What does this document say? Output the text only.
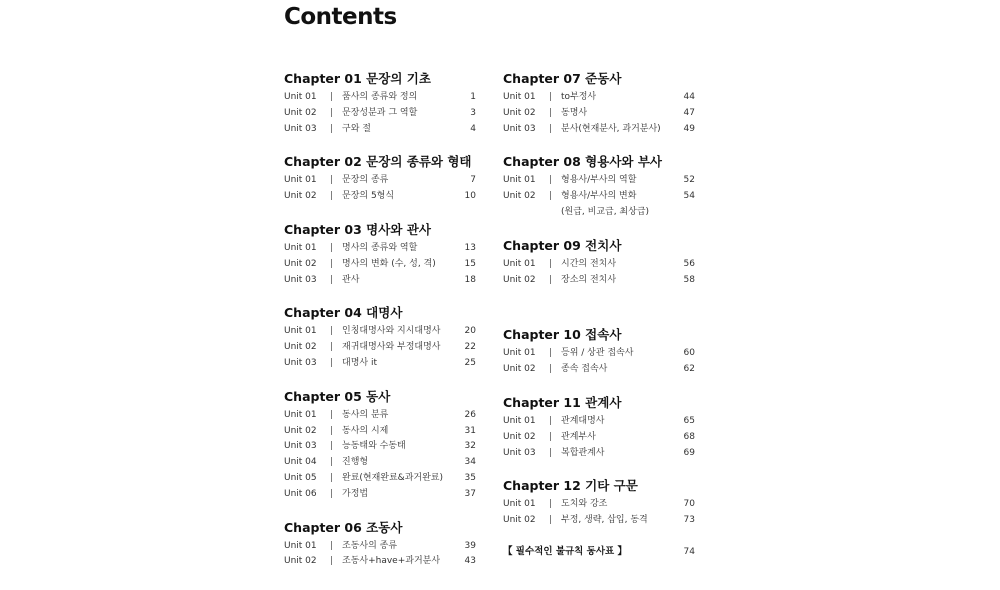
Contents
Chapter 01 문장의 기초
Unit 01 | 품사의 종류와 정의	1
Unit 02 | 문장성분과 그 역할	3
Unit 03 | 구와 절	4
Chapter 02 문장의 종류와 형태
Unit 01 | 문장의 종류	7
Unit 02 | 문장의 5형식	10
Chapter 03 명사와 관사
Unit 01 | 명사의 종류와 역할	13
Unit 02 | 명사의 변화 (수, 성, 격)	15
Unit 03 | 관사	18
Chapter 04 대명사
Unit 01 | 인칭대명사와 지시대명사	20
Unit 02 | 재귀대명사와 부정대명사	22
Unit 03 | 대명사 it	25
Chapter 05 동사
Unit 01 | 동사의 분류	26
Unit 02 | 동사의 시제	31
Unit 03 | 능동태와 수동태	32
Unit 04 | 진행형	34
Unit 05 | 완료(현재완료&과거완료) 35
Unit 06 | 가정법	37
Chapter 06 조동사
Unit 01 | 조동사의 종류	39
Unit 02 | 조동사+have+과거분사	43
Chapter 07 준동사
Unit 01 | to부정사	44
Unit 02 | 동명사	47
Unit 03 | 분사(현재분사, 과거분사)	49
Chapter 08 형용사와 부사
Unit 01 | 형용사/부사의 역할	52
Unit 02 | 형용사/부사의 변화	54
(원급, 비교급, 최상급)
Chapter 09 전치사
Unit 01 | 시간의 전치사	56
Unit 02 | 장소의 전치사	58
Chapter 10 접속사
Unit 01 | 등위 / 상관 접속사	60
Unit 02 | 종속 접속사	62
Chapter 11 관계사
Unit 01 | 관계대명사	65
Unit 02 | 관계부사	68
Unit 03 | 복합관계사	69
Chapter 12 기타 구문
Unit 01 | 도치와 강조	70
Unit 02 | 부정, 생략, 삽입, 동격	73
【 필수적인 불규칙 동사표 】	74
